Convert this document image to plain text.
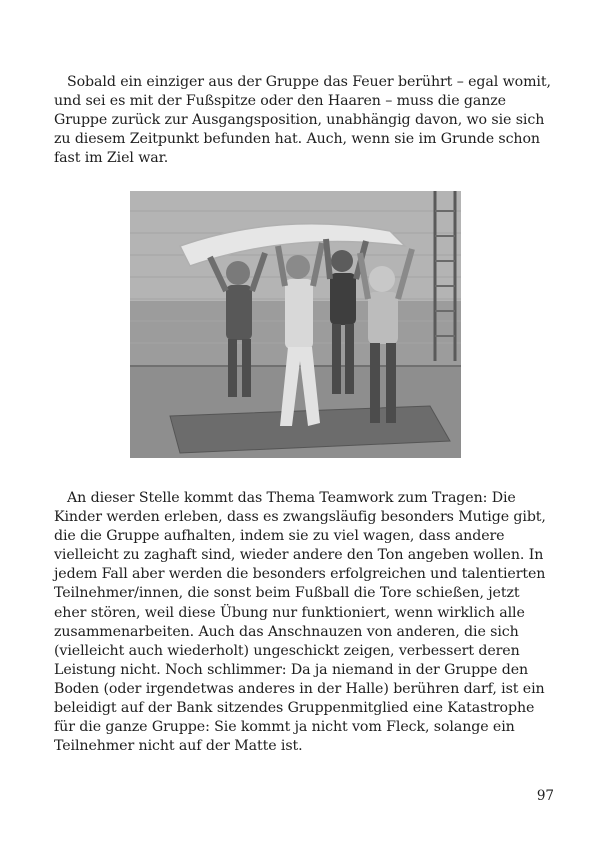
Sobald ein einziger aus der Gruppe das Feuer berührt – egal womit, und sei es mit der Fußspitze oder den Haaren – muss die ganze Gruppe zurück zur Ausgangsposition, unabhängig davon, wo sie sich zu diesem Zeitpunkt befunden hat. Auch, wenn sie im Grunde schon fast im Ziel war.

An dieser Stelle kommt das Thema Teamwork zum Tragen: Die Kinder werden erleben, dass es zwangsläufig besonders Mutige gibt, die die Gruppe aufhalten, indem sie zu viel wagen, dass andere vielleicht zu zaghaft sind, wieder andere den Ton angeben wollen. In jedem Fall aber werden die besonders erfolgreichen und talentierten Teilnehmer/innen, die sonst beim Fußball die Tore schießen, jetzt eher stören, weil diese Übung nur funktioniert, wenn wirklich alle zusammenarbeiten. Auch das Anschnauzen von anderen, die sich (vielleicht auch wiederholt) ungeschickt zeigen, verbessert deren Leistung nicht. Noch schlimmer: Da ja niemand in der Gruppe den Boden (oder irgendetwas anderes in der Halle) berühren darf, ist ein beleidigt auf der Bank sitzendes Gruppenmitglied eine Katastrophe für die ganze Gruppe: Sie kommt ja nicht vom Fleck, solange ein Teilnehmer nicht auf der Matte ist.

97
